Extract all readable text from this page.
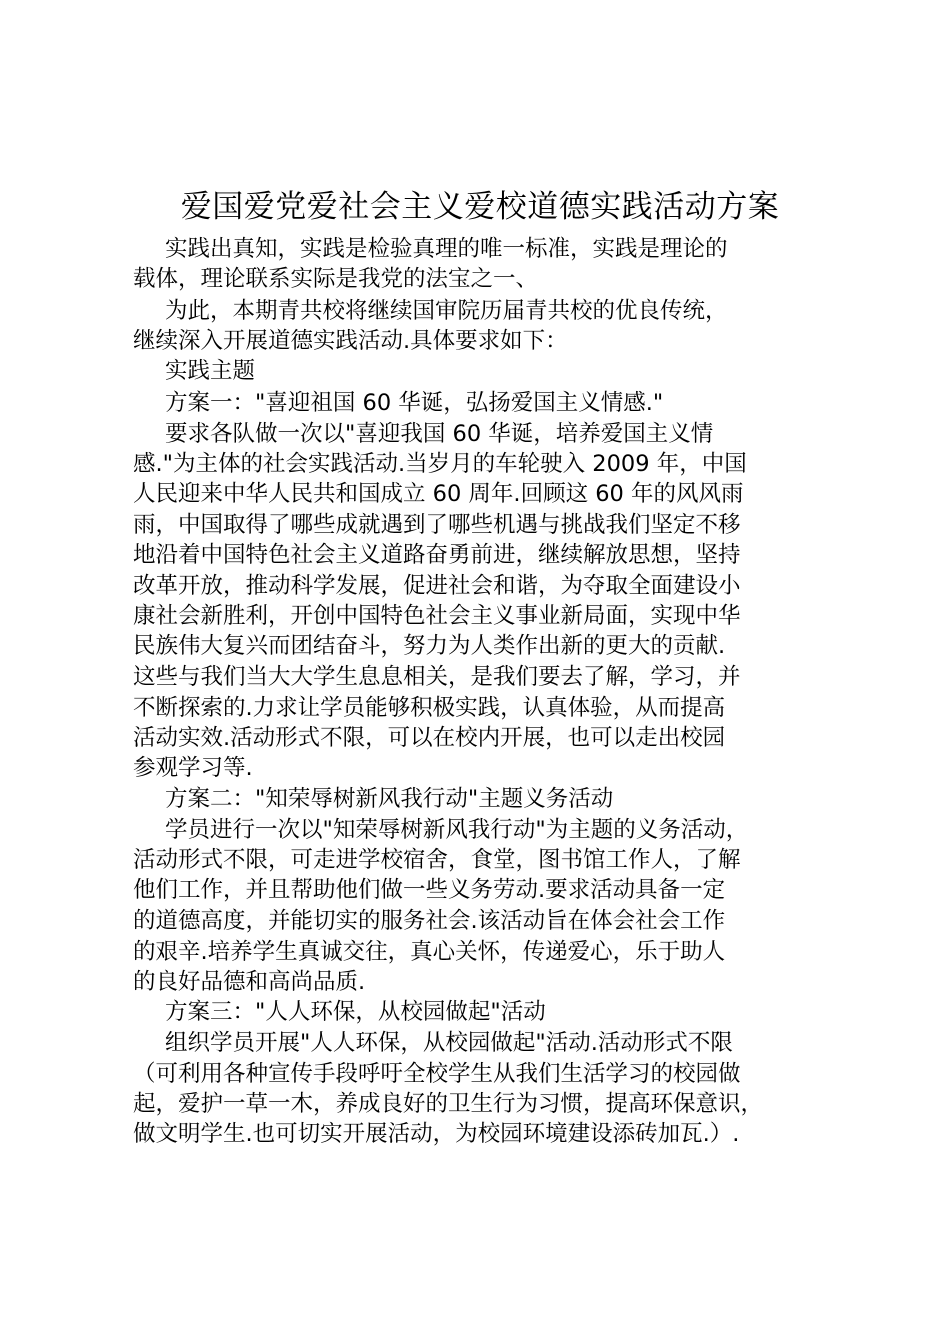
爱国爱党爱社会主义爱校道德实践活动方案

实践出真知，实践是检验真理的唯一标准，实践是理论的

载体，理论联系实际是我党的法宝之一、

为此，本期青共校将继续国审院历届青共校的优良传统，

继续深入开展道德实践活动.具体要求如下：

实践主题

方案一："喜迎祖国 60 华诞，弘扬爱国主义情感."

要求各队做一次以"喜迎我国 60 华诞，培养爱国主义情

感."为主体的社会实践活动.当岁月的车轮驶入 2009 年，中国

人民迎来中华人民共和国成立 60 周年.回顾这 60 年的风风雨

雨，中国取得了哪些成就遇到了哪些机遇与挑战我们坚定不移

地沿着中国特色社会主义道路奋勇前进，继续解放思想，坚持

改革开放，推动科学发展，促进社会和谐，为夺取全面建设小

康社会新胜利，开创中国特色社会主义事业新局面，实现中华

民族伟大复兴而团结奋斗，努力为人类作出新的更大的贡献.

这些与我们当大大学生息息相关，是我们要去了解，学习，并

不断探索的.力求让学员能够积极实践，认真体验，从而提高

活动实效.活动形式不限，可以在校内开展，也可以走出校园

参观学习等.

方案二："知荣辱树新风我行动"主题义务活动

学员进行一次以"知荣辱树新风我行动"为主题的义务活动，

活动形式不限，可走进学校宿舍，食堂，图书馆工作人，了解

他们工作，并且帮助他们做一些义务劳动.要求活动具备一定

的道德高度，并能切实的服务社会.该活动旨在体会社会工作

的艰辛.培养学生真诚交往，真心关怀，传递爱心，乐于助人

的良好品德和高尚品质.

方案三："人人环保，从校园做起"活动

组织学员开展"人人环保，从校园做起"活动.活动形式不限

（可利用各种宣传手段呼吁全校学生从我们生活学习的校园做

起，爱护一草一木，养成良好的卫生行为习惯，提高环保意识，

做文明学生.也可切实开展活动，为校园环境建设添砖加瓦.）.
